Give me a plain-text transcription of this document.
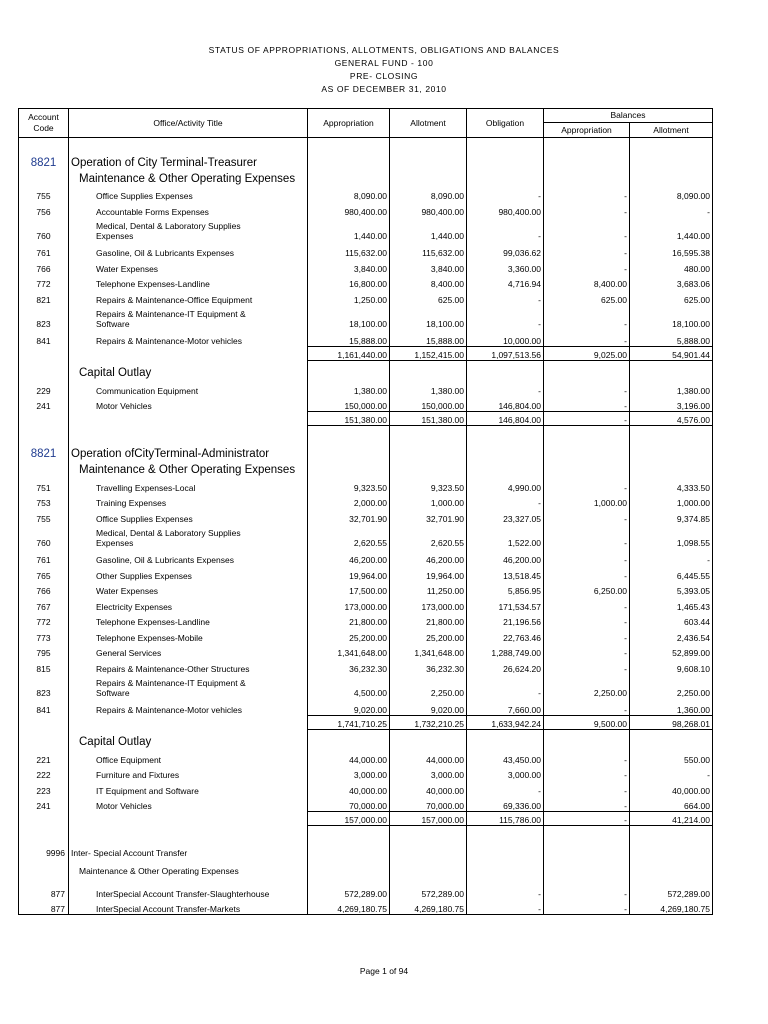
STATUS OF APPROPRIATIONS, ALLOTMENTS, OBLIGATIONS AND BALANCES
GENERAL FUND - 100
PRE- CLOSING
AS OF DECEMBER 31, 2010
Account
Code	Office/Activity Title	Appropriation	Allotment	Obligation	Balances	
					Appropriation	Allotment

8821	Operation of City Terminal-Treasurer					
	Maintenance & Other Operating Expenses					
755	Office Supplies Expenses	8,090.00	8,090.00	-	-	8,090.00
756	Accountable Forms Expenses	980,400.00	980,400.00	980,400.00	-	-
760	Medical, Dental & Laboratory Supplies
Expenses	1,440.00	1,440.00	-	-	1,440.00
761	Gasoline, Oil & Lubricants Expenses	115,632.00	115,632.00	99,036.62	-	16,595.38
766	Water Expenses	3,840.00	3,840.00	3,360.00	-	480.00
772	Telephone Expenses-Landline	16,800.00	8,400.00	4,716.94	8,400.00	3,683.06
821	Repairs & Maintenance-Office Equipment	1,250.00	625.00	-	625.00	625.00
823	Repairs & Maintenance-IT Equipment &
Software	18,100.00	18,100.00	-	-	18,100.00
841	Repairs & Maintenance-Motor vehicles	15,888.00	15,888.00	10,000.00	-	5,888.00
		1,161,440.00	1,152,415.00	1,097,513.56	9,025.00	54,901.44
	Capital Outlay					
229	Communication Equipment	1,380.00	1,380.00	-	-	1,380.00
241	Motor Vehicles	150,000.00	150,000.00	146,804.00	-	3,196.00
		151,380.00	151,380.00	146,804.00	-	4,576.00

8821	Operation ofCityTerminal-Administrator					
	Maintenance & Other Operating Expenses					
751	Travelling Expenses-Local	9,323.50	9,323.50	4,990.00	-	4,333.50
753	Training Expenses	2,000.00	1,000.00	-	1,000.00	1,000.00
755	Office Supplies Expenses	32,701.90	32,701.90	23,327.05	-	9,374.85
760	Medical, Dental & Laboratory Supplies
Expenses	2,620.55	2,620.55	1,522.00	-	1,098.55
761	Gasoline, Oil & Lubricants Expenses	46,200.00	46,200.00	46,200.00	-	-
765	Other Supplies Expenses	19,964.00	19,964.00	13,518.45	-	6,445.55
766	Water Expenses	17,500.00	11,250.00	5,856.95	6,250.00	5,393.05
767	Electricity Expenses	173,000.00	173,000.00	171,534.57	-	1,465.43
772	Telephone Expenses-Landline	21,800.00	21,800.00	21,196.56	-	603.44
773	Telephone Expenses-Mobile	25,200.00	25,200.00	22,763.46	-	2,436.54
795	General Services	1,341,648.00	1,341,648.00	1,288,749.00	-	52,899.00
815	Repairs & Maintenance-Other Structures	36,232.30	36,232.30	26,624.20	-	9,608.10
823	Repairs & Maintenance-IT Equipment &
Software	4,500.00	2,250.00	-	2,250.00	2,250.00
841	Repairs & Maintenance-Motor vehicles	9,020.00	9,020.00	7,660.00	-	1,360.00
		1,741,710.25	1,732,210.25	1,633,942.24	9,500.00	98,268.01
	Capital Outlay					
221	Office Equipment	44,000.00	44,000.00	43,450.00	-	550.00
222	Furniture and Fixtures	3,000.00	3,000.00	3,000.00	-	-
223	IT Equipment and Software	40,000.00	40,000.00	-	-	40,000.00
241	Motor Vehicles	70,000.00	70,000.00	69,336.00	-	664.00
		157,000.00	157,000.00	115,786.00	-	41,214.00

9996	Inter- Special Account Transfer					
	Maintenance & Other Operating Expenses					

877	InterSpecial Account Transfer-Slaughterhouse	572,289.00	572,289.00	-	-	572,289.00
877	InterSpecial Account Transfer-Markets	4,269,180.75	4,269,180.75	-	-	4,269,180.75
Page 1 of 94
